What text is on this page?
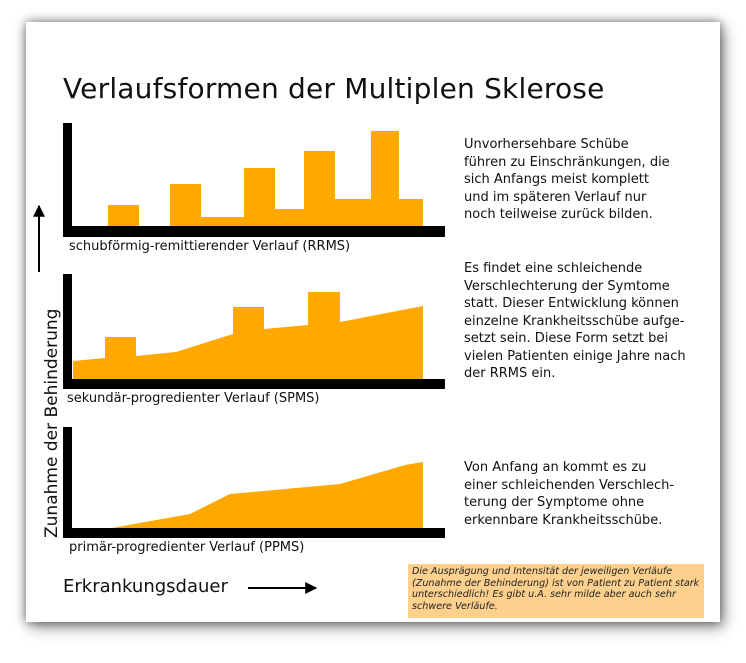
Verlaufsformen der Multiplen Sklerose
schubförmig-remittierender Verlauf (RRMS)
sekundär-progredienter Verlauf (SPMS)
primär-progredienter Verlauf (PPMS)
Unvorhersehbare Schübe
führen zu Einschränkungen, die
sich Anfangs meist komplett
und im späteren Verlauf nur
noch teilweise zurück bilden.
Es findet eine schleichende
Verschlechterung der Symtome
statt. Dieser Entwicklung können
einzelne Krankheitsschübe aufge-
setzt sein. Diese Form setzt bei
vielen Patienten einige Jahre nach
der RRMS ein.
Von Anfang an kommt es zu
einer schleichenden Verschlech-
terung der Symptome ohne
erkennbare Krankheitsschübe.
Zunahme der Behinderung
Erkrankungsdauer
Die Ausprägung und Intensität der jeweiligen Verläufe (Zunahme der Behinderung) ist von Patient zu Patient stark unterschiedlich! Es gibt u.A. sehr milde aber auch sehr schwere Verläufe.
